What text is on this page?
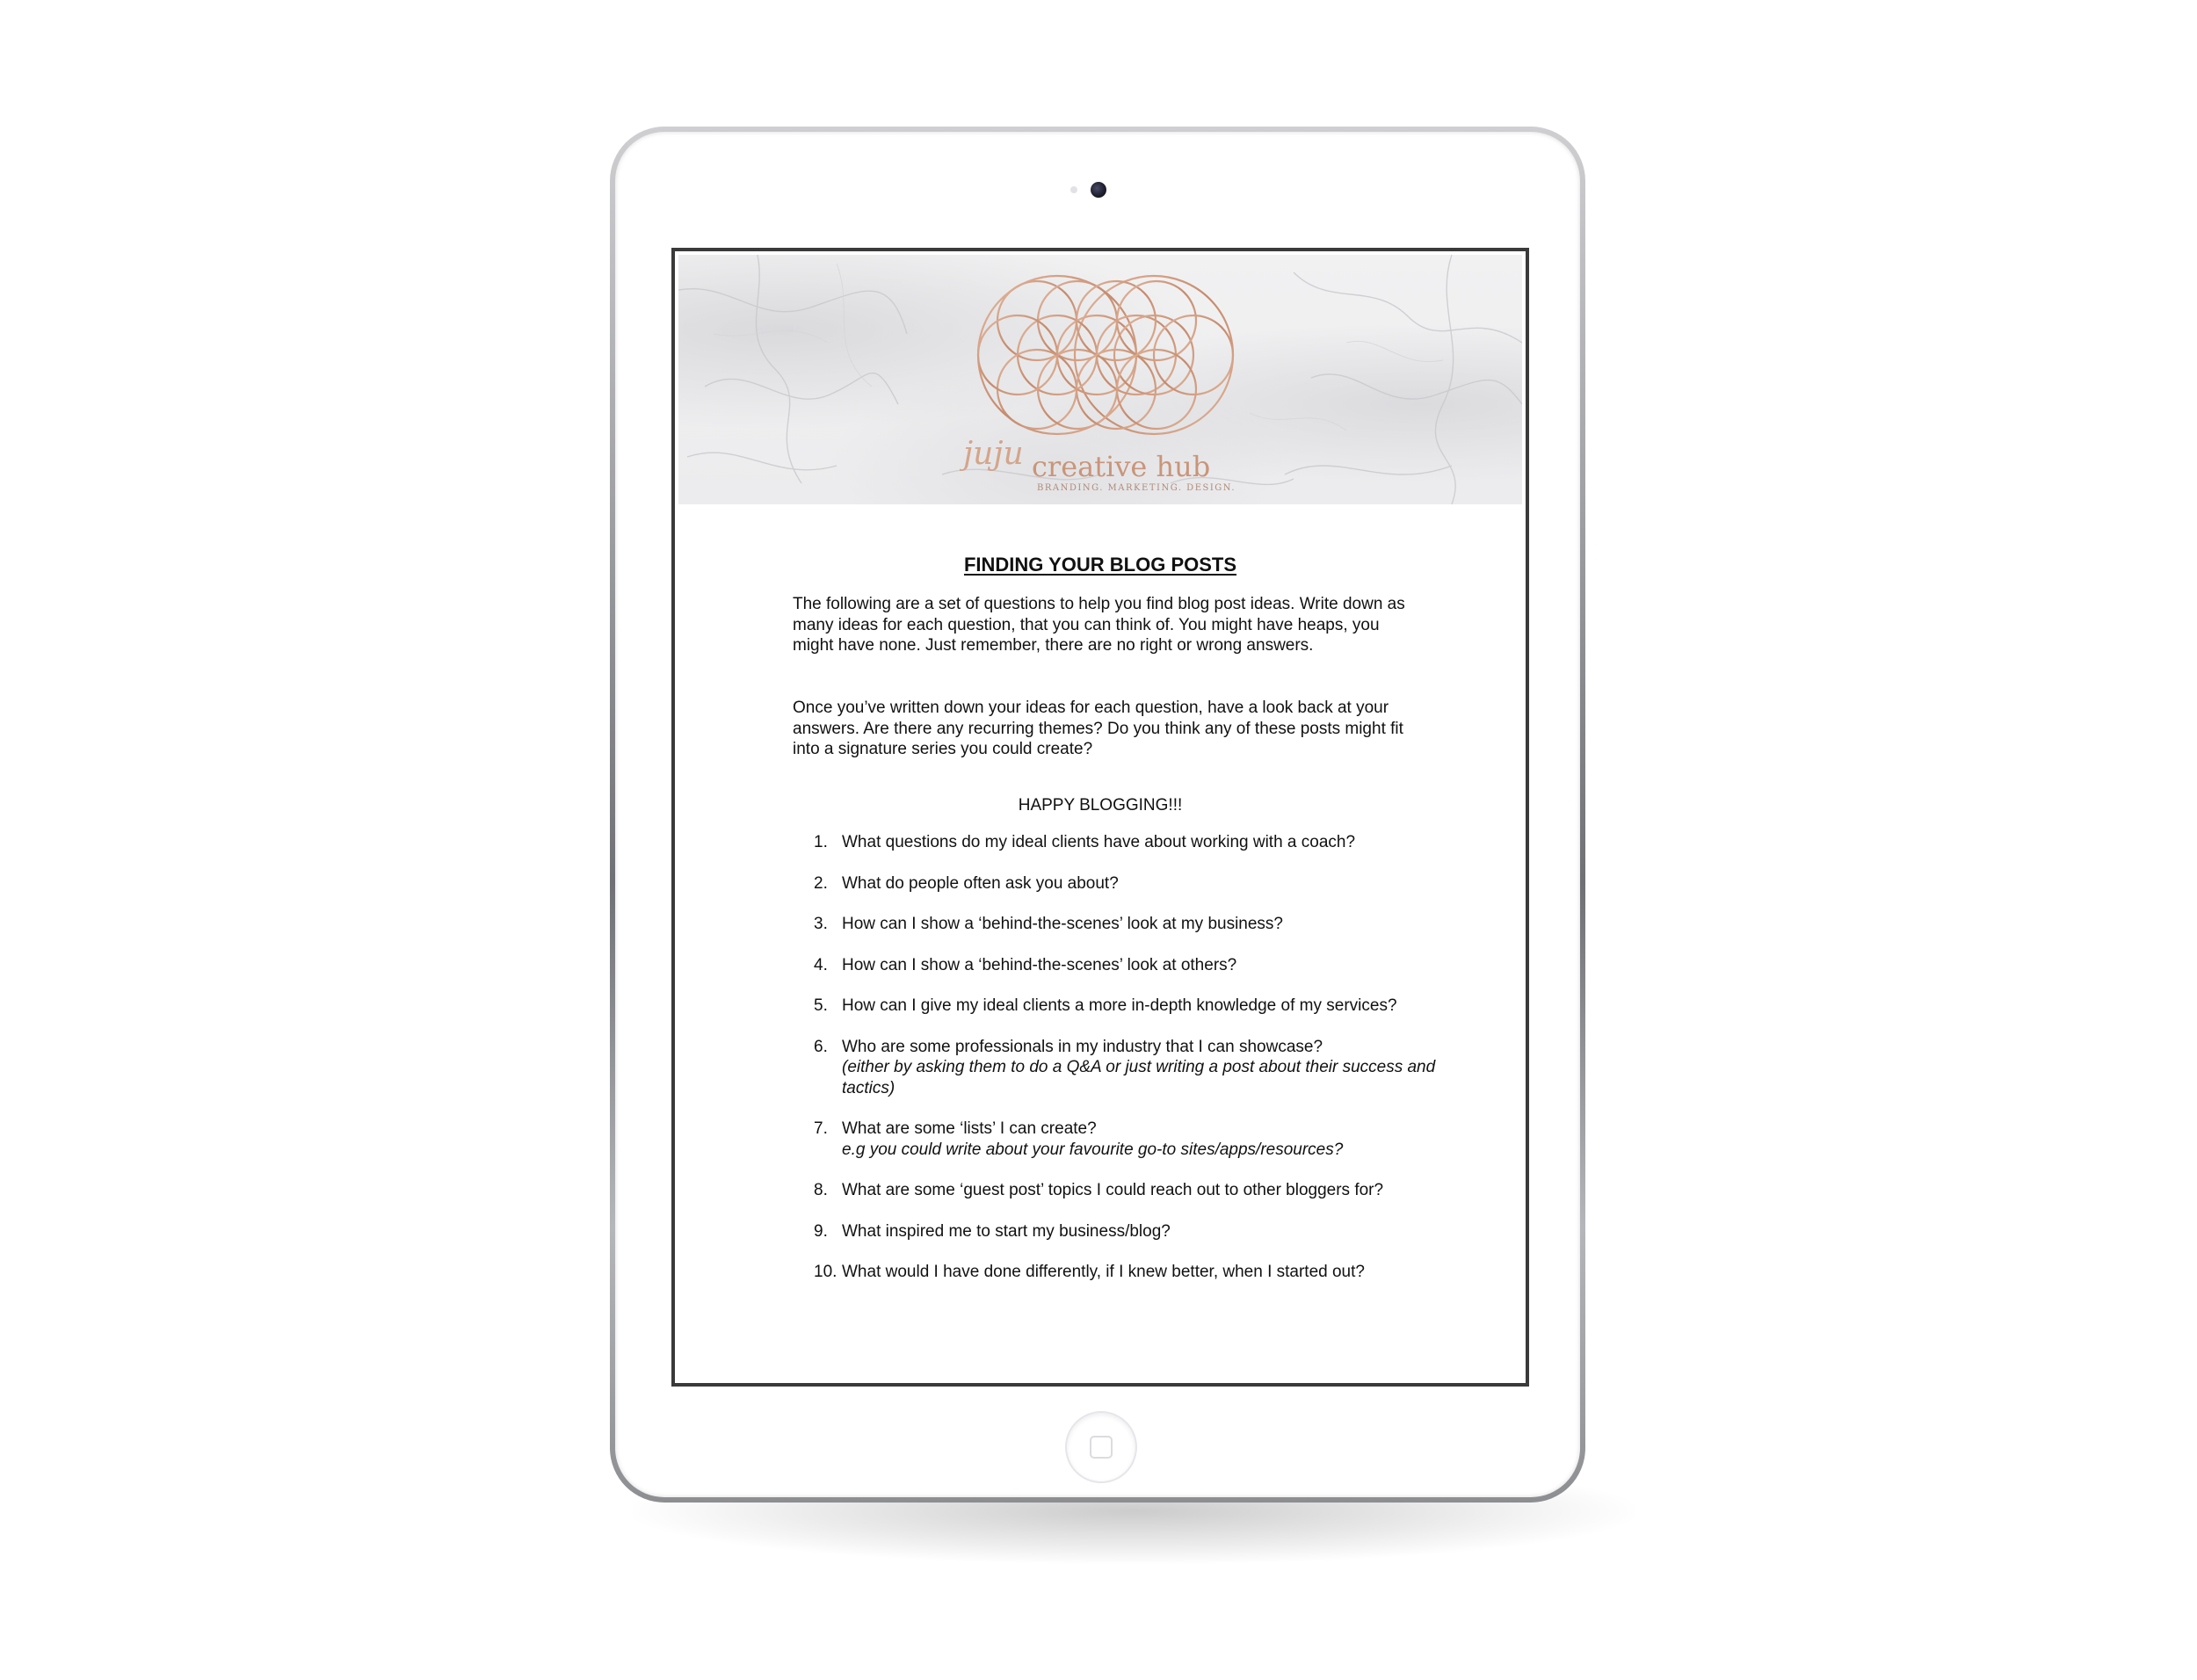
juju creative hub
BRANDING. MARKETING. DESIGN.
FINDING YOUR BLOG POSTS
The following are a set of questions to help you find blog post ideas. Write down as many ideas for each question, that you can think of. You might have heaps, you might have none. Just remember, there are no right or wrong answers.
Once you’ve written down your ideas for each question, have a look back at your answers. Are there any recurring themes? Do you think any of these posts might fit into a signature series you could create?
HAPPY BLOGGING!!!
1. What questions do my ideal clients have about working with a coach?
2. What do people often ask you about?
3. How can I show a ‘behind-the-scenes’ look at my business?
4. How can I show a ‘behind-the-scenes’ look at others?
5. How can I give my ideal clients a more in-depth knowledge of my services?
6. Who are some professionals in my industry that I can showcase?
(either by asking them to do a Q&A or just writing a post about their success and tactics)
7. What are some ‘lists’ I can create?
e.g you could write about your favourite go-to sites/apps/resources?
8. What are some ‘guest post’ topics I could reach out to other bloggers for?
9. What inspired me to start my business/blog?
10. What would I have done differently, if I knew better, when I started out?
